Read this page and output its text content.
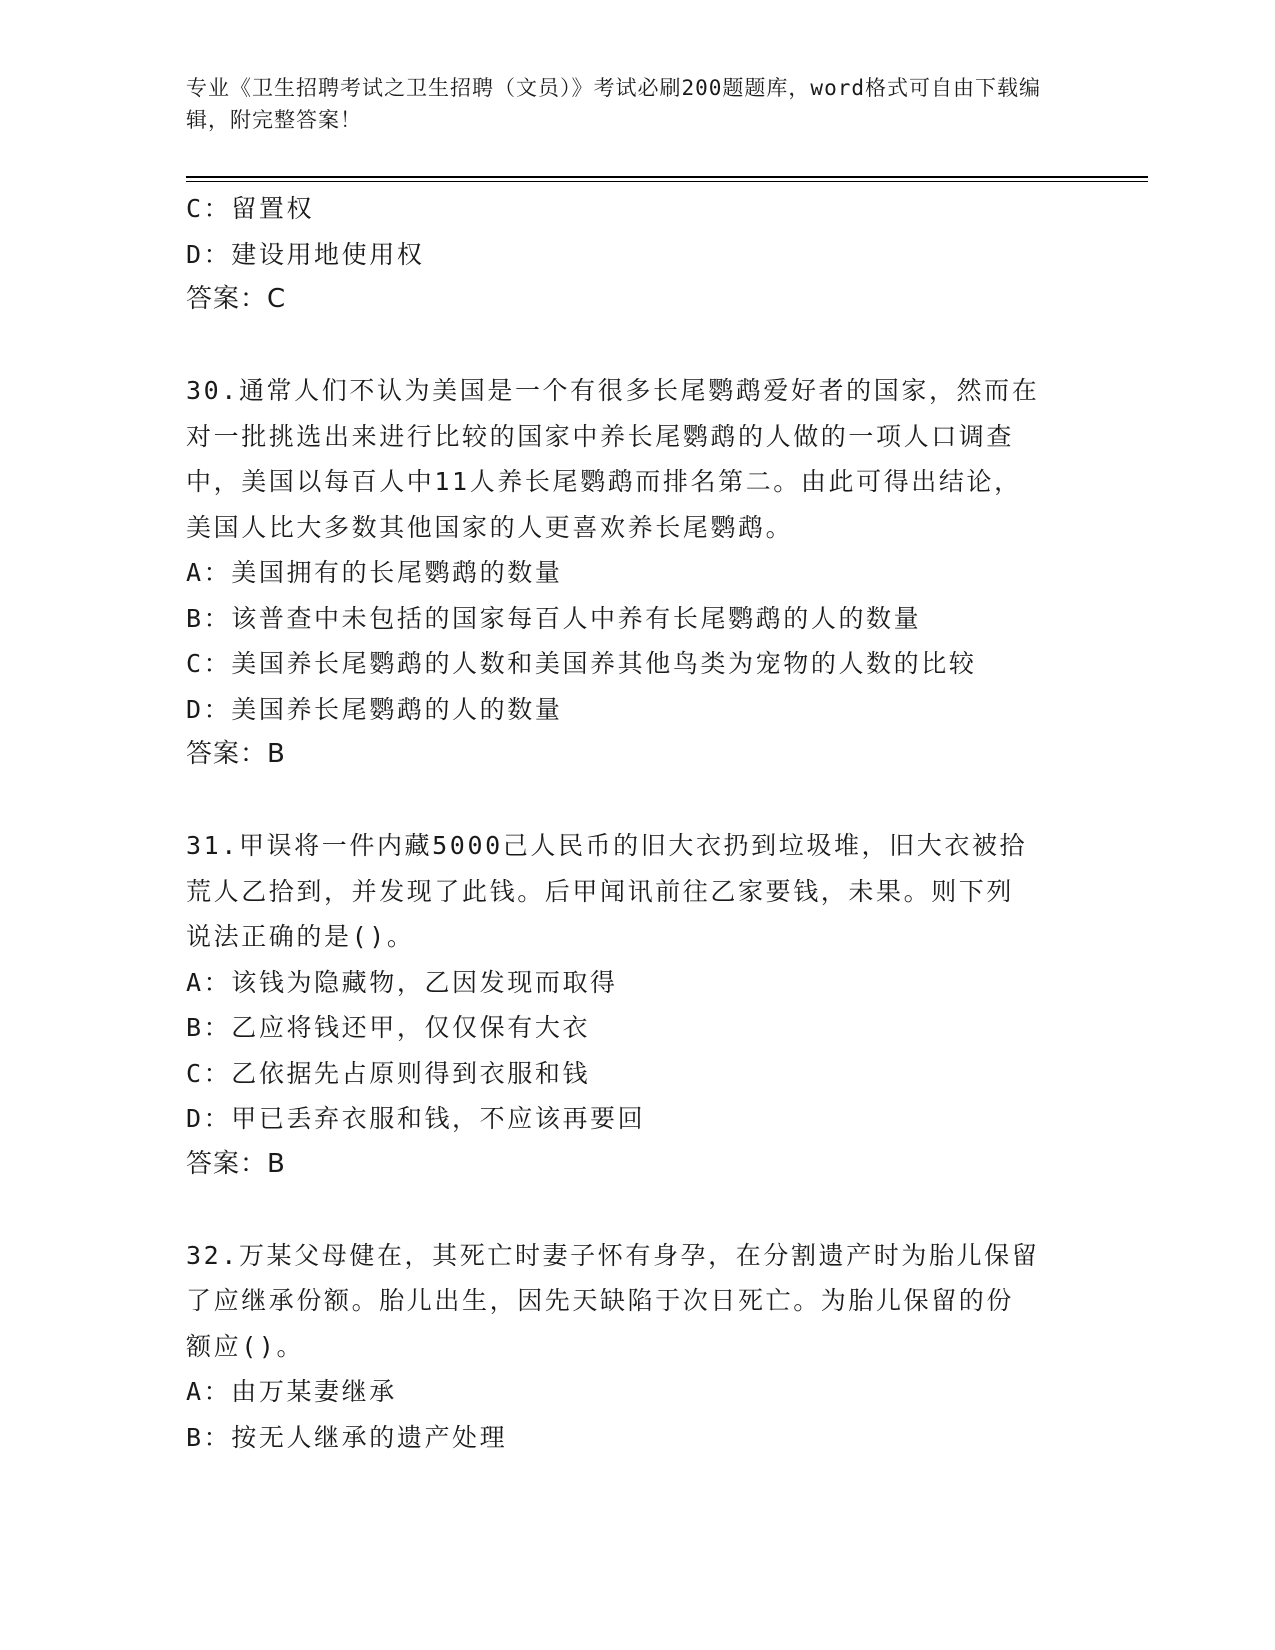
专业《卫生招聘考试之卫生招聘（文员）》考试必刷200题题库，word格式可自由下载编辑，附完整答案！
C：留置权
D：建设用地使用权
答案：C
30.通常人们不认为美国是一个有很多长尾鹦鹉爱好者的国家，然而在
对一批挑选出来进行比较的国家中养长尾鹦鹉的人做的一项人口调查
中，美国以每百人中11人养长尾鹦鹉而排名第二。由此可得出结论，
美国人比大多数其他国家的人更喜欢养长尾鹦鹉。
A：美国拥有的长尾鹦鹉的数量
B：该普查中未包括的国家每百人中养有长尾鹦鹉的人的数量
C：美国养长尾鹦鹉的人数和美国养其他鸟类为宠物的人数的比较
D：美国养长尾鹦鹉的人的数量
答案：B
31.甲误将一件内藏5000己人民币的旧大衣扔到垃圾堆，旧大衣被拾
荒人乙拾到，并发现了此钱。后甲闻讯前往乙家要钱，未果。则下列
说法正确的是()。
A：该钱为隐藏物，乙因发现而取得
B：乙应将钱还甲，仅仅保有大衣
C：乙依据先占原则得到衣服和钱
D：甲已丢弃衣服和钱，不应该再要回
答案：B
32.万某父母健在，其死亡时妻子怀有身孕，在分割遗产时为胎儿保留
了应继承份额。胎儿出生，因先天缺陷于次日死亡。为胎儿保留的份
额应()。
A：由万某妻继承
B：按无人继承的遗产处理
